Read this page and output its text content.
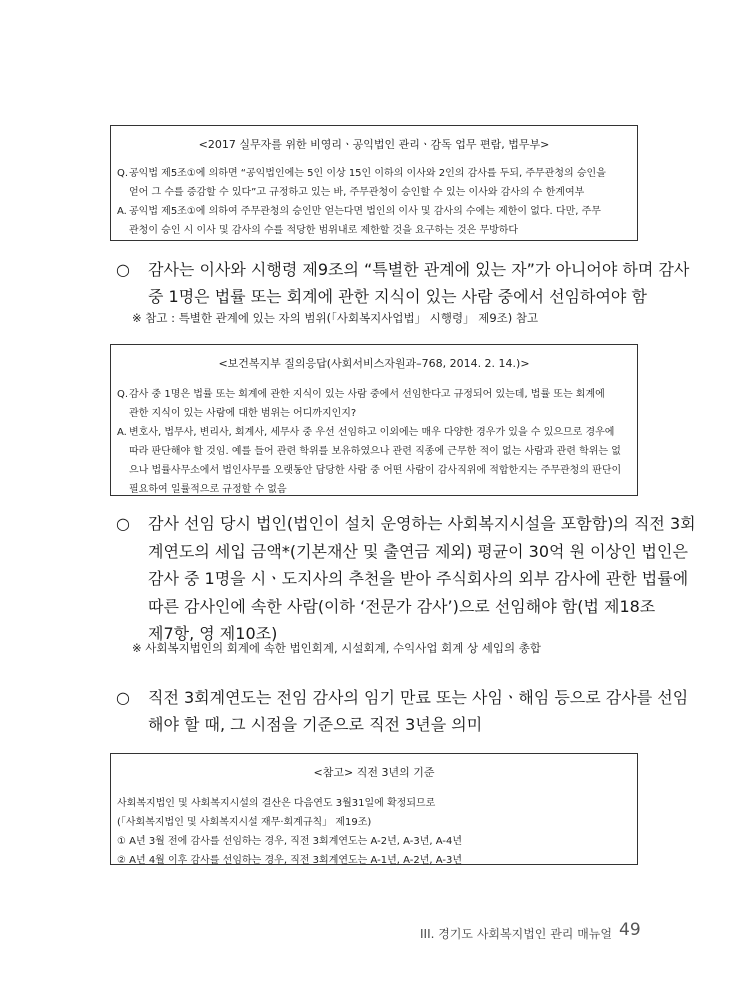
<2017 실무자를 위한 비영리ㆍ공익법인 관리ㆍ감독 업무 편람, 법무부>
Q. 공익법 제5조①에 의하면 “공익법인에는 5인 이상 15인 이하의 이사와 2인의 감사를 두되, 주무관청의 승인을
얻어 그 수를 증감할 수 있다”고 규정하고 있는 바, 주무관청이 승인할 수 있는 이사와 감사의 수 한계여부
A. 공익법 제5조①에 의하여 주무관청의 승인만 얻는다면 법인의 이사 및 감사의 수에는 제한이 없다. 다만, 주무
관청이 승인 시 이사 및 감사의 수를 적당한 범위내로 제한할 것을 요구하는 것은 무방하다
○	감사는 이사와 시행령 제9조의 “특별한 관계에 있는 자”가 아니어야 하며 감사
중 1명은 법률 또는 회계에 관한 지식이 있는 사람 중에서 선임하여야 함
※ 참고 : 특별한 관계에 있는 자의 범위(「사회복지사업법」 시행령」 제9조) 참고
<보건복지부 질의응답(사회서비스자원과–768, 2014. 2. 14.)>
Q. 감사 중 1명은 법률 또는 회계에 관한 지식이 있는 사람 중에서 선임한다고 규정되어 있는데, 법률 또는 회계에
관한 지식이 있는 사람에 대한 범위는 어디까지인지?
A. 변호사, 법무사, 변리사, 회계사, 세무사 중 우선 선임하고 이외에는 매우 다양한 경우가 있을 수 있으므로 경우에
따라 판단해야 할 것임. 예를 들어 관련 학위를 보유하였으나 관련 직종에 근무한 적이 없는 사람과 관련 학위는 없
으나 법률사무소에서 법인사무를 오랫동안 담당한 사람 중 어떤 사람이 감사직위에 적합한지는 주무관청의 판단이
필요하여 일률적으로 규정할 수 없음
○	감사 선임 당시 법인(법인이 설치 운영하는 사회복지시설을 포함함)의 직전 3회
계연도의 세입 금액*(기본재산 및 출연금 제외) 평균이 30억 원 이상인 법인은
감사 중 1명을 시ㆍ도지사의 추천을 받아 주식회사의 외부 감사에 관한 법률에
따른 감사인에 속한 사람(이하 ‘전문가 감사’)으로 선임해야 함(법 제18조
제7항, 영 제10조)
※ 사회복지법인의 회계에 속한 법인회계, 시설회계, 수익사업 회계 상 세입의 총합
○	직전 3회계연도는 전임 감사의 임기 만료 또는 사임ㆍ해임 등으로 감사를 선임
해야 할 때, 그 시점을 기준으로 직전 3년을 의미
<참고> 직전 3년의 기준
사회복지법인 및 사회복지시설의 결산은 다음연도 3월31일에 확정되므로
(「사회복지법인 및 사회복지시설 재무·회계규칙」 제19조)
① A년 3월 전에 감사를 선임하는 경우, 직전 3회계연도는 A-2년, A-3년, A-4년
② A년 4월 이후 감사를 선임하는 경우, 직전 3회계연도는 A-1년, A-2년, A-3년
III. 경기도 사회복지법인 관리 매뉴얼 49
